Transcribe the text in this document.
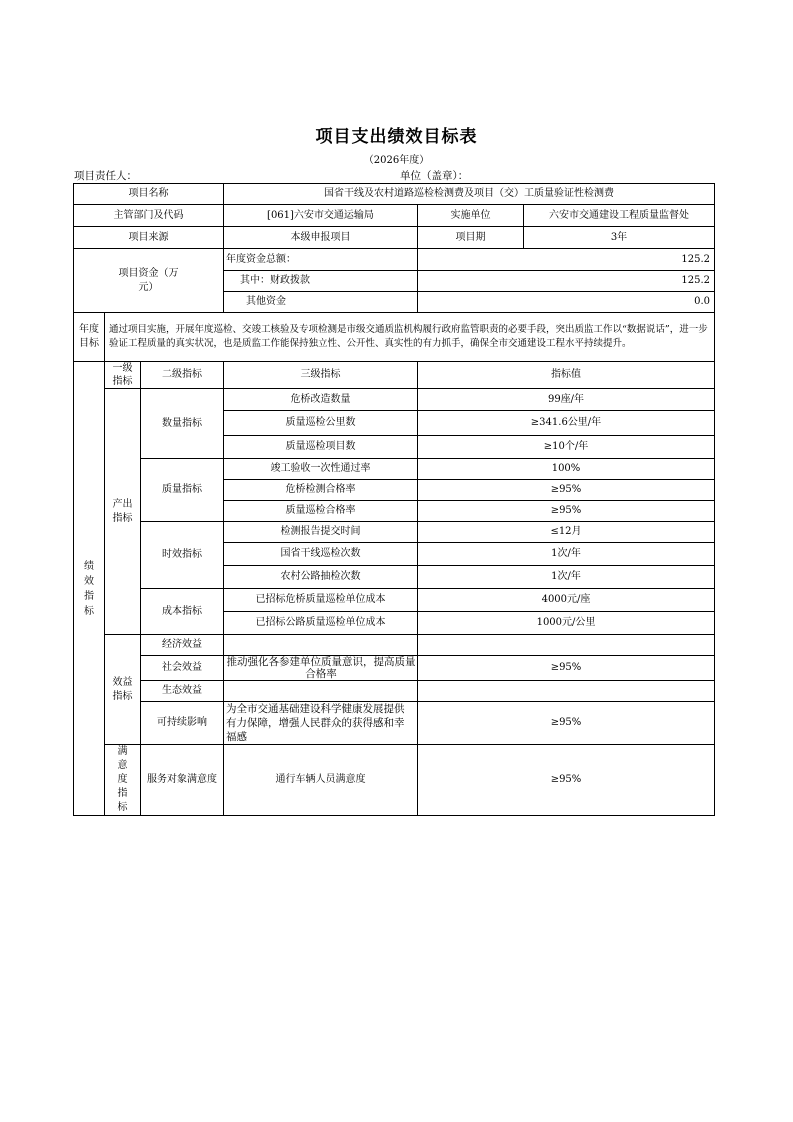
项目支出绩效目标表
（2026年度）
项目责任人：	单位（盖章）：
项目名称			国省干线及农村道路巡检检测费及项目（交）工质量验证性检测费		
主管部门及代码			[061]六安市交通运输局	实施单位	六安市交通建设工程质量监督处
项目来源			本级申报项目	项目期	3年

项目资金（万元）			年度资金总额：	125.2	
			其中：财政拨款	125.2	
			其他资金	0.0	

年度目标	通过项目实施，开展年度巡检、交竣工核验及专项检测是市级交通质监机构履行政府监管职责的必要手段，突出质监工作以“数据说话”，进一步验证工程质量的真实状况，也是质监工作能保持独立性、公开性、真实性的有力抓手，确保全市交通建设工程水平持续提升。				

绩效指标	一级指标	二级指标	三级指标	指标值	

	产出指标	数量指标	危桥改造数量	99座/年	
			质量巡检公里数	≥341.6公里/年	
			质量巡检项目数	≥10个/年	
		质量指标	竣工验收一次性通过率	100%	
			危桥检测合格率	≥95%	
			质量巡检合格率	≥95%	
		时效指标	检测报告提交时间	≤12月	
			国省干线巡检次数	1次/年	
			农村公路抽检次数	1次/年	
		成本指标	已招标危桥质量巡检单位成本	4000元/座	
			已招标公路质量巡检单位成本	1000元/公里	

	效益指标	经济效益			
		社会效益	推动强化各参建单位质量意识，提高质量合格率	≥95%	
		生态效益			
		可持续影响	为全市交通基础建设科学健康发展提供有力保障，增强人民群众的获得感和幸福感	≥95%	

	满意度指标	服务对象满意度	通行车辆人员满意度	≥95%	
